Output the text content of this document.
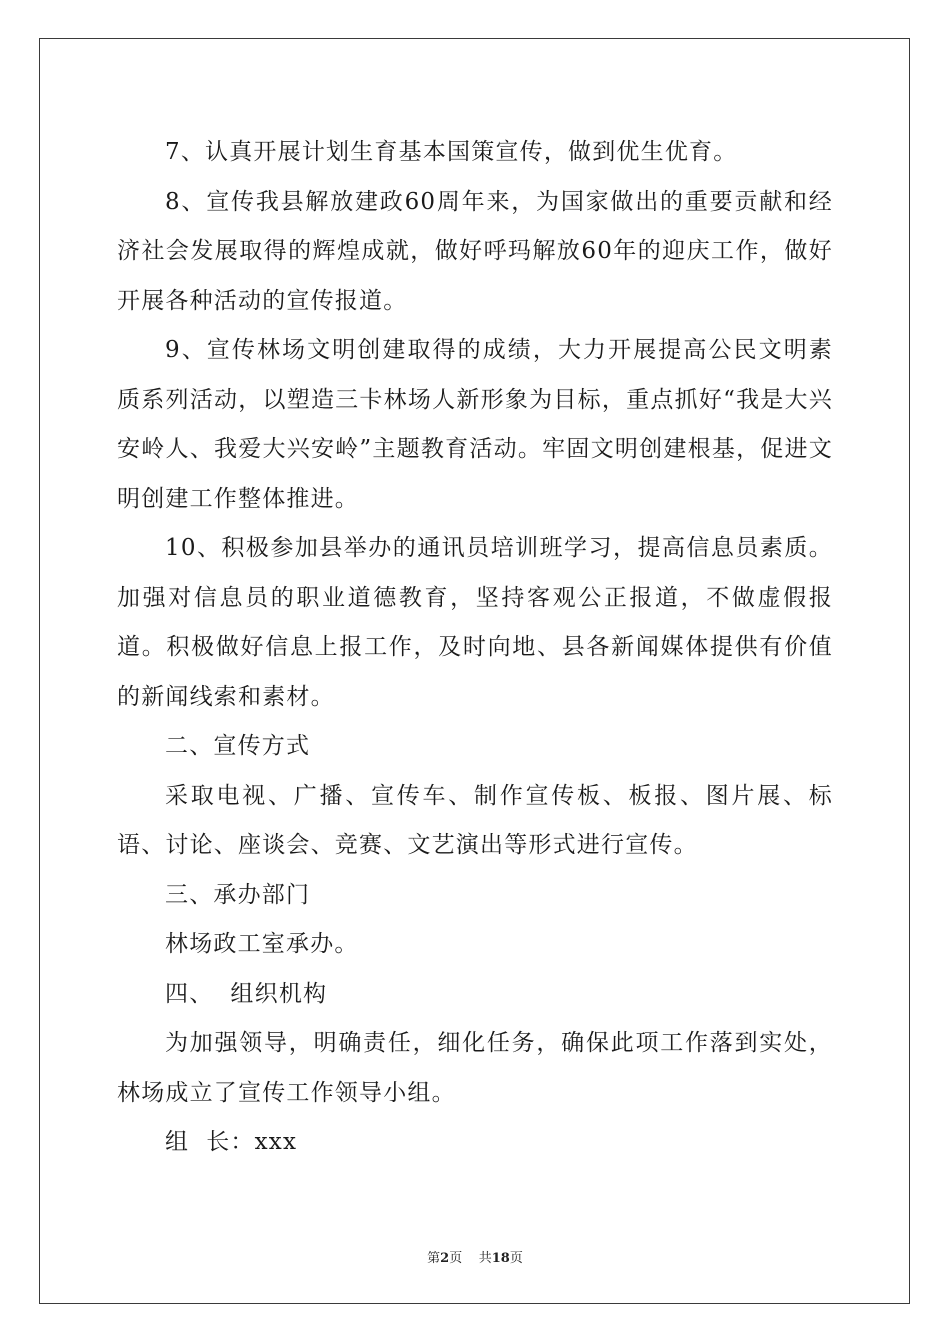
7、认真开展计划生育基本国策宣传，做到优生优育。

8、宣传我县解放建政60周年来，为国家做出的重要贡献和经济社会发展取得的辉煌成就，做好呼玛解放60年的迎庆工作，做好开展各种活动的宣传报道。

9、宣传林场文明创建取得的成绩，大力开展提高公民文明素质系列活动，以塑造三卡林场人新形象为目标，重点抓好“我是大兴安岭人、我爱大兴安岭”主题教育活动。牢固文明创建根基，促进文明创建工作整体推进。

10、积极参加县举办的通讯员培训班学习，提高信息员素质。加强对信息员的职业道德教育，坚持客观公正报道，不做虚假报道。积极做好信息上报工作，及时向地、县各新闻媒体提供有价值的新闻线索和素材。

二、宣传方式

采取电视、广播、宣传车、制作宣传板、板报、图片展、标语、讨论、座谈会、竞赛、文艺演出等形式进行宣传。

三、承办部门

林场政工室承办。

四、  组织机构

为加强领导，明确责任，细化任务，确保此项工作落到实处，林场成立了宣传工作领导小组。

组  长：xxx

第2页    共18页
